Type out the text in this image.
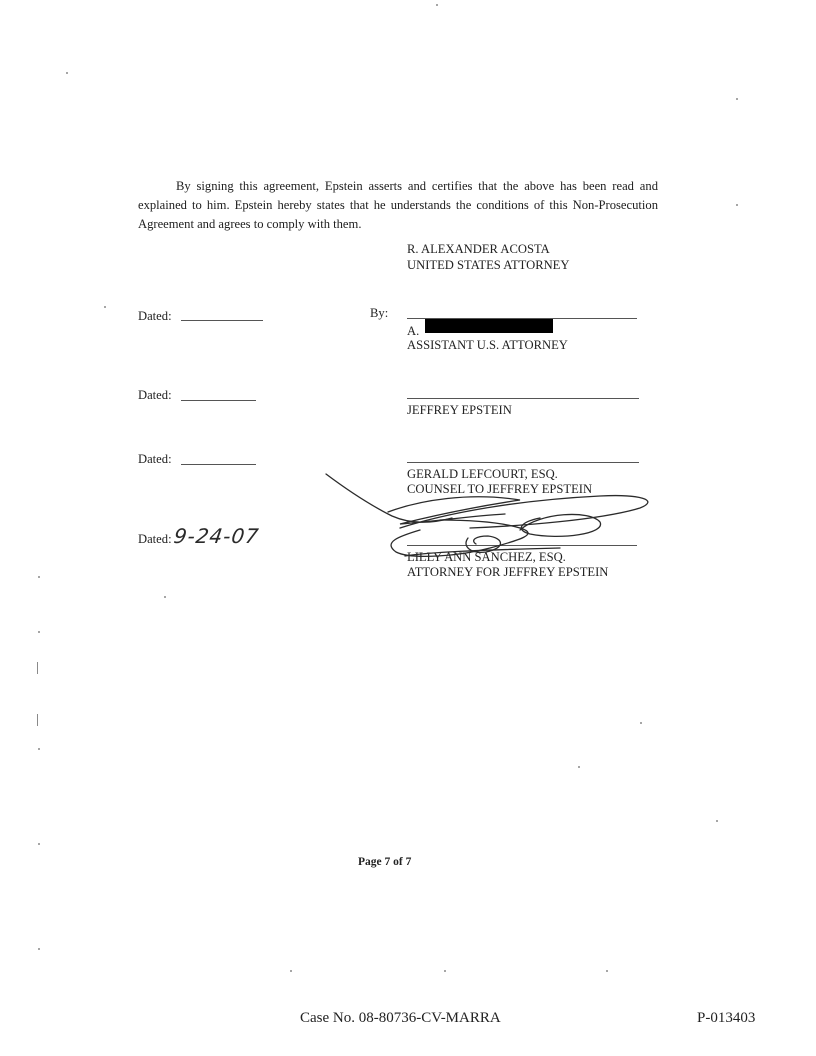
By signing this agreement, Epstein asserts and certifies that the above has been read and explained to him. Epstein hereby states that he understands the conditions of this Non-Prosecution Agreement and agrees to comply with them.
R. ALEXANDER ACOSTA
UNITED STATES ATTORNEY
Dated:	By:
A.
ASSISTANT U.S. ATTORNEY
Dated:
JEFFREY EPSTEIN
Dated:
GERALD LEFCOURT, ESQ.
COUNSEL TO JEFFREY EPSTEIN
Dated: 9-24-07
LILLY ANN SANCHEZ, ESQ.
ATTORNEY FOR JEFFREY EPSTEIN
Page 7 of 7
Case No. 08-80736-CV-MARRA	P-013403
